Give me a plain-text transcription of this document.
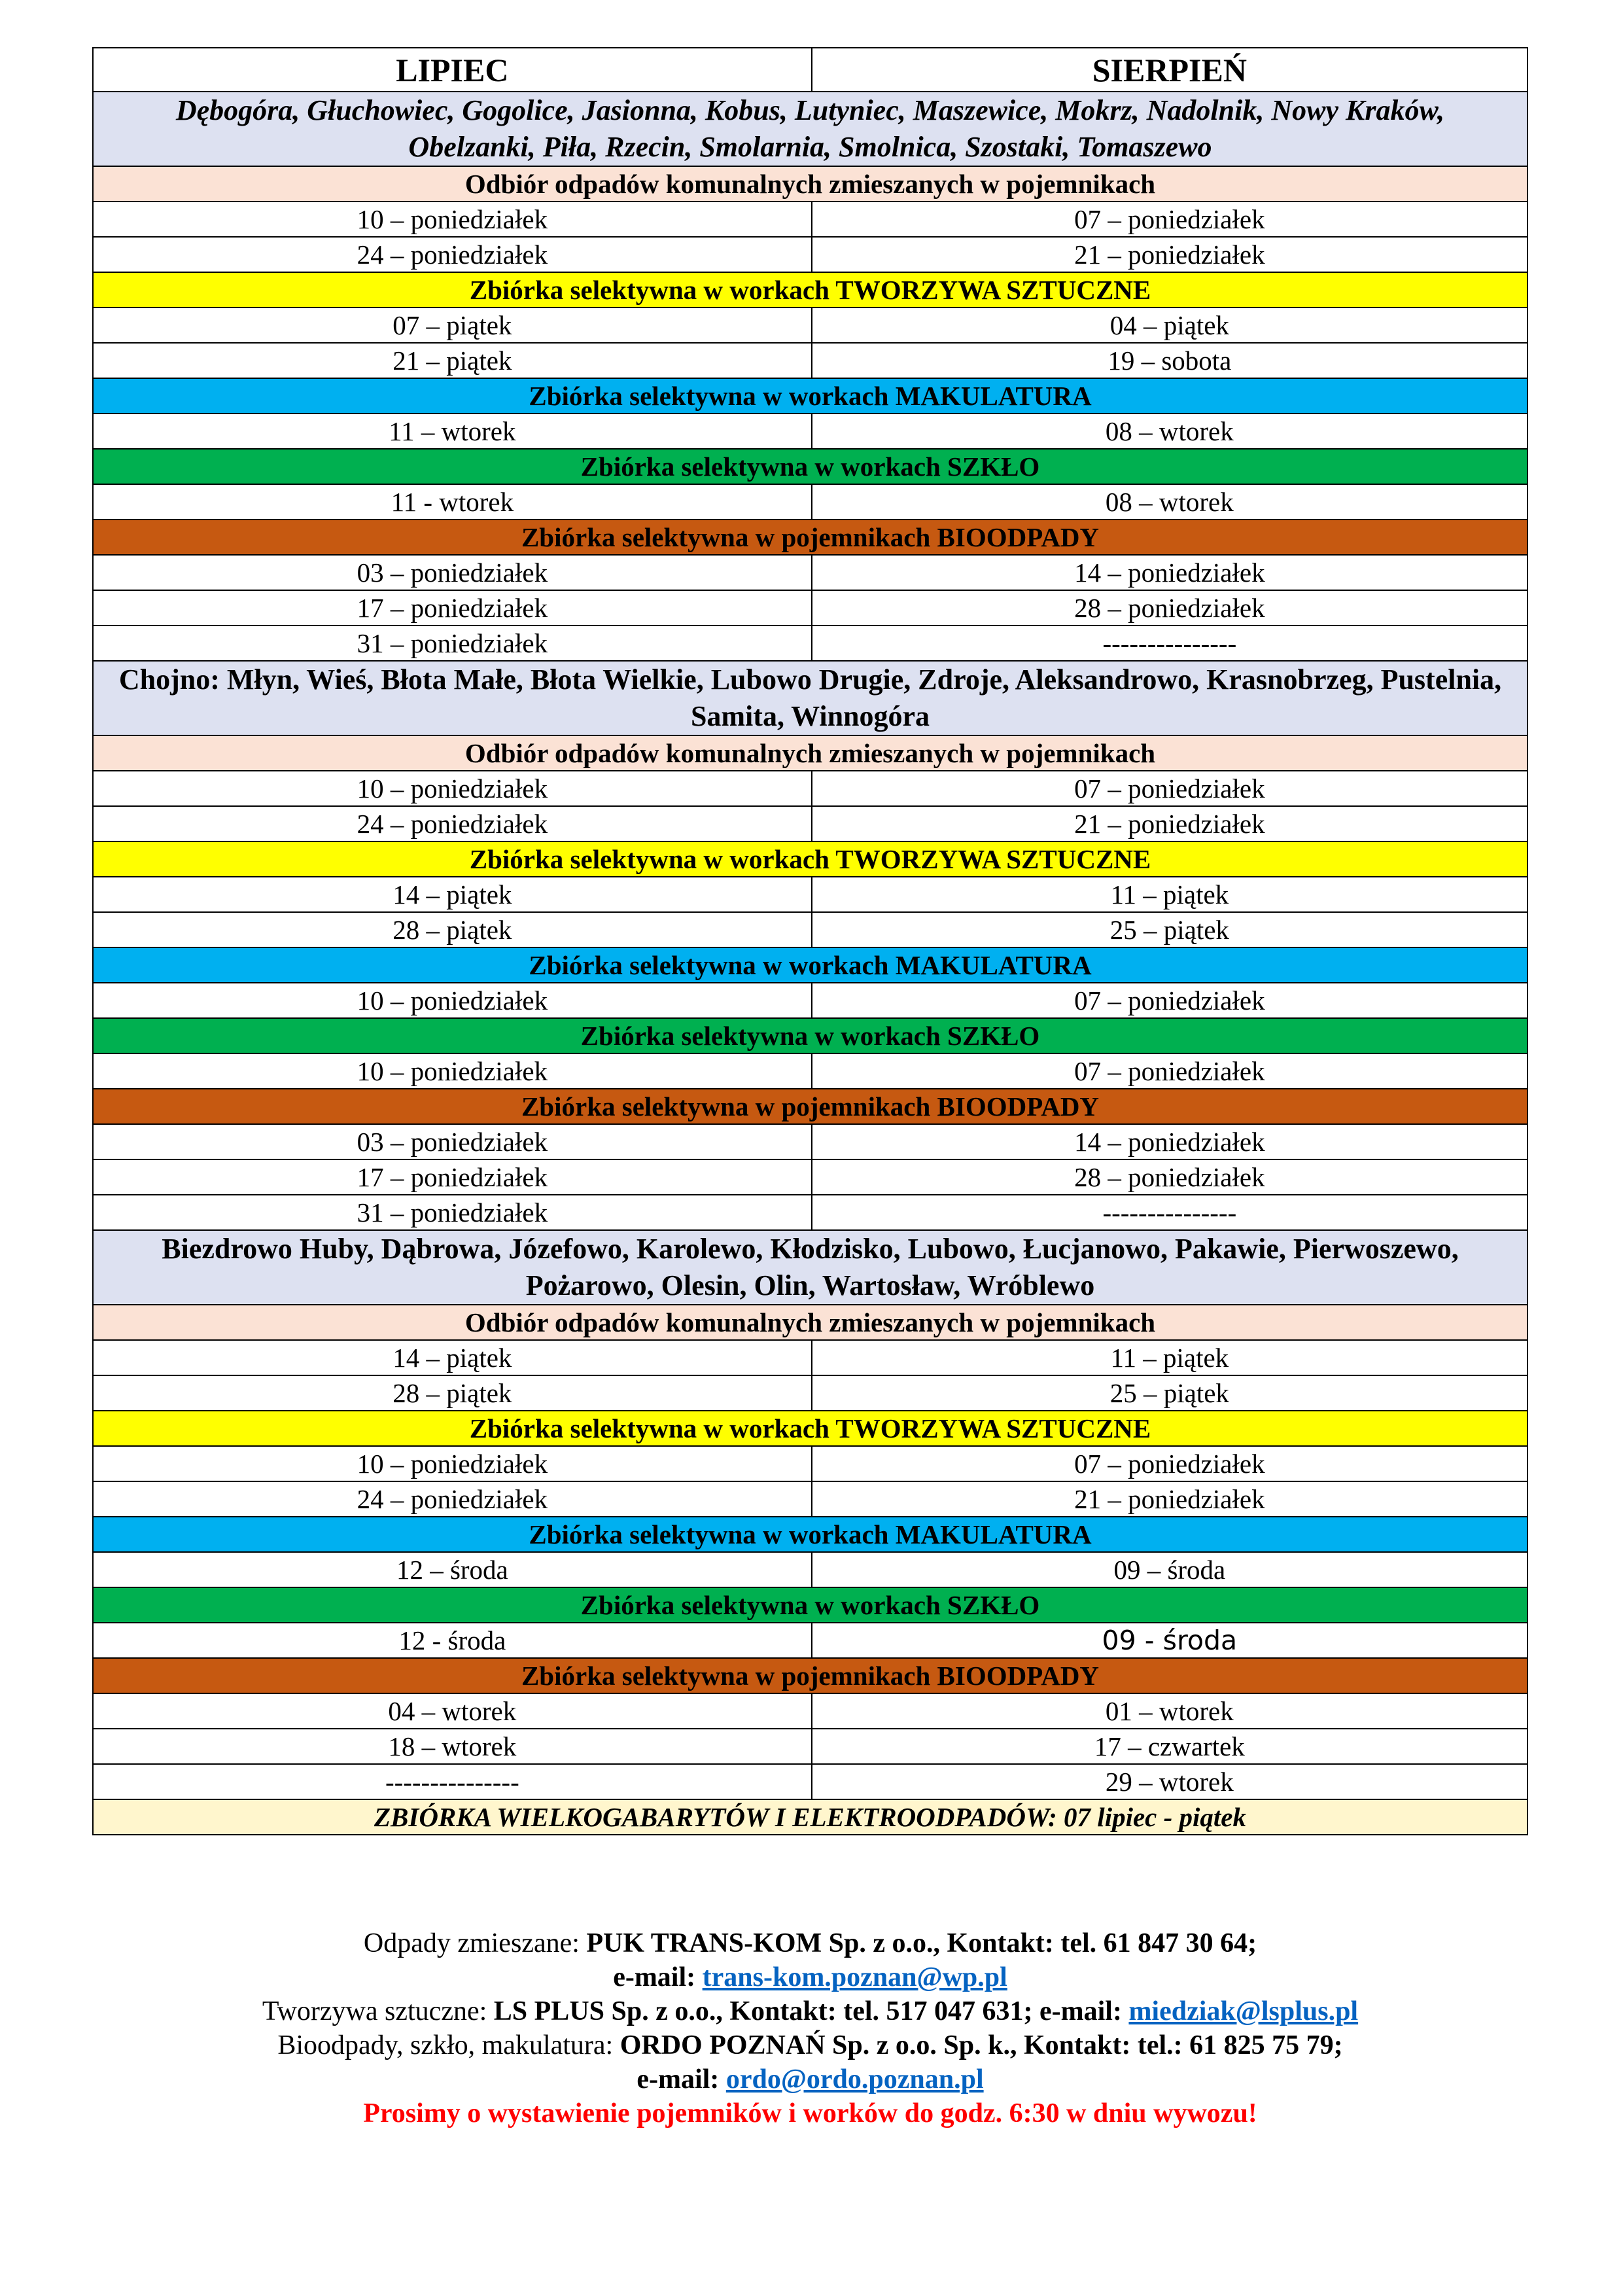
LIPIEC	SIERPIEŃ
Dębogóra, Głuchowiec, Gogolice, Jasionna, Kobus, Lutyniec, Maszewice, Mokrz, Nadolnik, Nowy Kraków, Obelzanki, Piła, Rzecin, Smolarnia, Smolnica, Szostaki, Tomaszewo	
Odbiór odpadów komunalnych zmieszanych w pojemnikach	
10 – poniedziałek	07 – poniedziałek
24 – poniedziałek	21 – poniedziałek
Zbiórka selektywna w workach TWORZYWA SZTUCZNE	
07 – piątek	04 – piątek
21 – piątek	19 – sobota
Zbiórka selektywna w workach MAKULATURA	
11 – wtorek	08 – wtorek
Zbiórka selektywna w workach SZKŁO	
11 - wtorek	08 – wtorek
Zbiórka selektywna w pojemnikach BIOODPADY	
03 – poniedziałek	14 – poniedziałek
17 – poniedziałek	28 – poniedziałek
31 – poniedziałek	---------------
Chojno: Młyn, Wieś, Błota Małe, Błota Wielkie, Lubowo Drugie, Zdroje, Aleksandrowo, Krasnobrzeg, Pustelnia, Samita, Winnogóra	
Odbiór odpadów komunalnych zmieszanych w pojemnikach	
10 – poniedziałek	07 – poniedziałek
24 – poniedziałek	21 – poniedziałek
Zbiórka selektywna w workach TWORZYWA SZTUCZNE	
14 – piątek	11 – piątek
28 – piątek	25 – piątek
Zbiórka selektywna w workach MAKULATURA	
10 – poniedziałek	07 – poniedziałek
Zbiórka selektywna w workach SZKŁO	
10 – poniedziałek	07 – poniedziałek
Zbiórka selektywna w pojemnikach BIOODPADY	
03 – poniedziałek	14 – poniedziałek
17 – poniedziałek	28 – poniedziałek
31 – poniedziałek	---------------
Biezdrowo Huby, Dąbrowa, Józefowo, Karolewo, Kłodzisko, Lubowo, Łucjanowo, Pakawie, Pierwoszewo, Pożarowo, Olesin, Olin, Wartosław, Wróblewo	
Odbiór odpadów komunalnych zmieszanych w pojemnikach	
14 – piątek	11 – piątek
28 – piątek	25 – piątek
Zbiórka selektywna w workach TWORZYWA SZTUCZNE	
10 – poniedziałek	07 – poniedziałek
24 – poniedziałek	21 – poniedziałek
Zbiórka selektywna w workach MAKULATURA	
12 – środa	09 – środa
Zbiórka selektywna w workach SZKŁO	
12 - środa	09 - środa
Zbiórka selektywna w pojemnikach BIOODPADY	
04 – wtorek	01 – wtorek
18 – wtorek	17 – czwartek
---------------	29 – wtorek
ZBIÓRKA WIELKOGABARYTÓW I ELEKTROODPADÓW: 07 lipiec - piątek	
Odpady zmieszane: PUK TRANS-KOM Sp. z o.o., Kontakt: tel. 61 847 30 64;
e-mail: trans-kom.poznan@wp.pl
Tworzywa sztuczne: LS PLUS Sp. z o.o., Kontakt: tel. 517 047 631; e-mail: miedziak@lsplus.pl
Bioodpady, szkło, makulatura: ORDO POZNAŃ Sp. z o.o. Sp. k., Kontakt: tel.: 61 825 75 79;
e-mail: ordo@ordo.poznan.pl
Prosimy o wystawienie pojemników i worków do godz. 6:30 w dniu wywozu!
